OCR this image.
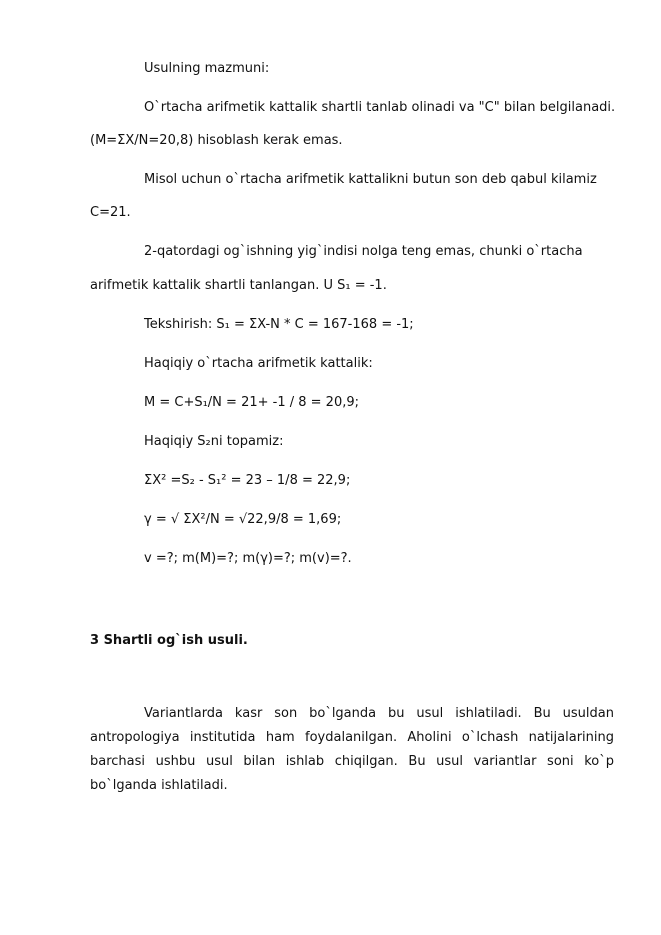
Usulning mazmuni:
O`rtacha arifmetik kattalik shartli tanlab olinadi va "C" bilan belgilanadi.
(M=ΣX/N=20,8) hisoblash kerak emas.
Misol uchun o`rtacha arifmetik kattalikni butun son deb qabul kilamiz
C=21.
2-qatordagi og`ishning yig`indisi nolga teng emas, chunki o`rtacha
arifmetik kattalik shartli tanlangan. U S₁ = -1.
Tekshirish: S₁ = ΣX-N * C = 167-168 = -1;
Haqiqiy o`rtacha arifmetik kattalik:
M = C+S₁/N = 21+ -1 / 8 = 20,9;
Haqiqiy S₂ni topamiz:
ΣX² =S₂ - S₁² = 23 – 1/8 = 22,9;
γ = √ ΣX²/N = √22,9/8 = 1,69;
v =?; m(M)=?; m(γ)=?; m(v)=?.
3 Shartli og`ish usuli.
Variantlarda kasr son bo`lganda bu usul ishlatiladi. Bu usuldan antropologiya institutida ham foydalanilgan. Aholini o`lchash natijalarining barchasi ushbu usul bilan ishlab chiqilgan. Bu usul variantlar soni ko`p bo`lganda ishlatiladi.
